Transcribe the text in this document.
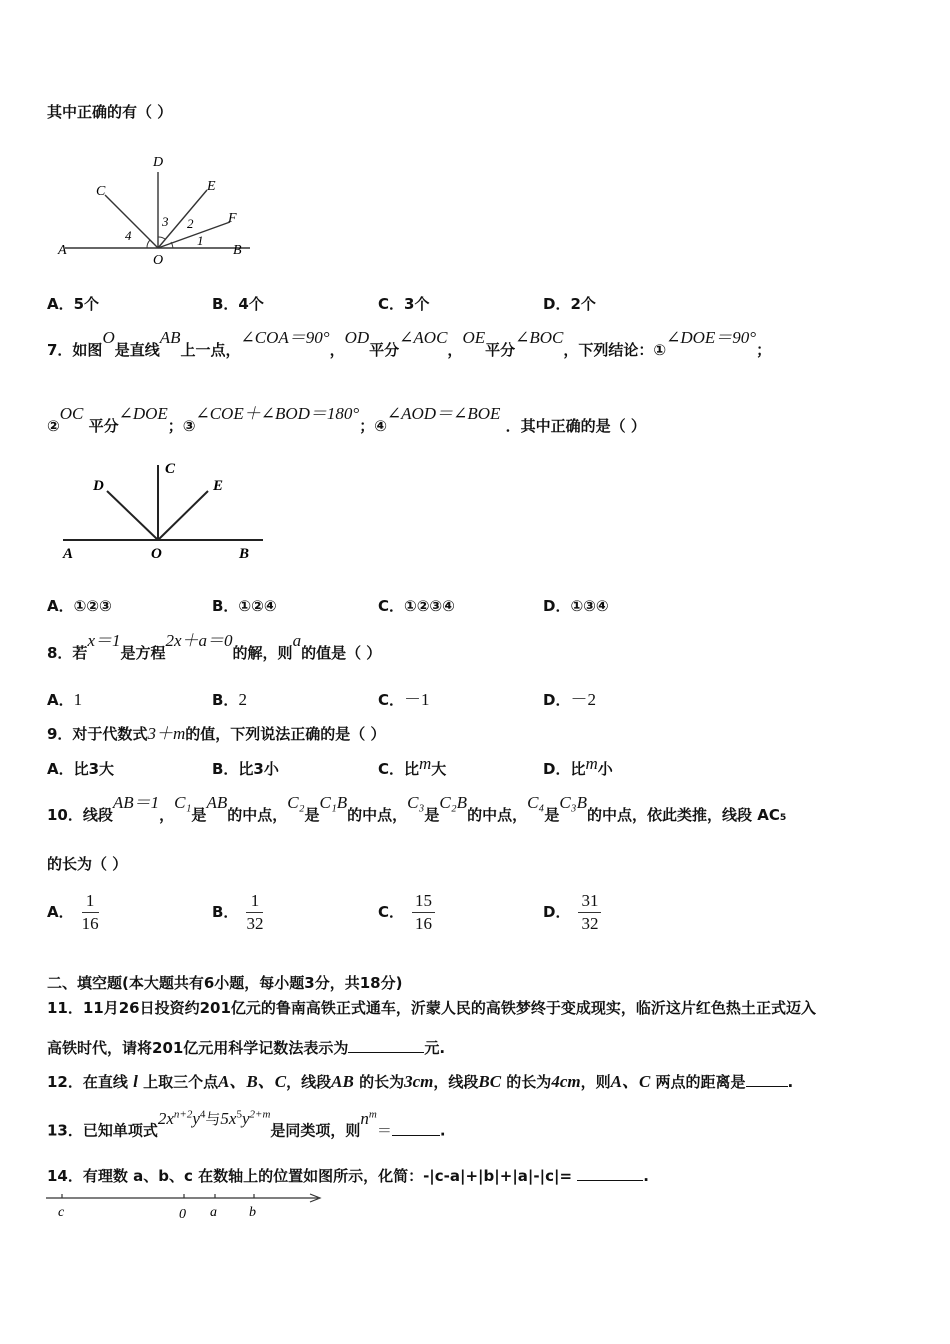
其中正确的有（ ）
D
C	E
F
A
O
B
4
3 2
1
A．5个	B．4个	C．3个	D．2个
7．如图O是直线AB上一点，∠COA＝90°，OD平分∠AOC，OE平分∠BOC，下列结论：①∠DOE＝90°；
②OC 平分∠DOE；③∠COE＋∠BOD＝180°；④∠AOD＝∠BOE ．其中正确的是（ ）
C
D	E
A	O	B
A．①②③	B．①②④	C．①②③④	D．①③④
8．若x＝1是方程2x＋a＝0的解，则a的值是（ ）
A．1	B．2	C．－1	D．－2
9．对于代数式3＋m的值，下列说法正确的是（ ）
A．比3大	B．比3小	C．比m大	D．比m小
10．线段AB＝1，C₁是AB的中点，C₂是C₁B的中点，C₃是C₂B的中点，C₄是C₃B的中点，依此类推，线段 AC₅
的长为（ ）
A． $\frac{1}{16}$	B． $\frac{1}{32}$	C． $\frac{15}{16}$	D． $\frac{31}{32}$
二、填空题(本大题共有6小题，每小题3分，共18分)
11．11月26日投资约201亿元的鲁南高铁正式通车，沂蒙人民的高铁梦终于变成现实，临沂这片红色热土正式迈入
高铁时代，请将201亿元用科学记数法表示为	元.
12．在直线 l 上取三个点A、B、C，线段AB 的长为3cm，线段BC 的长为4cm，则A、C 两点的距离是	.
13．已知单项式$2x^{n+2}y^4$与$5x^5y^{2+m}$是同类项，则$n^m=$	.
14．有理数 a、b、c 在数轴上的位置如图所示，化简：-|c-a|+|b|+|a|-|c|=	.
c	0 a b
